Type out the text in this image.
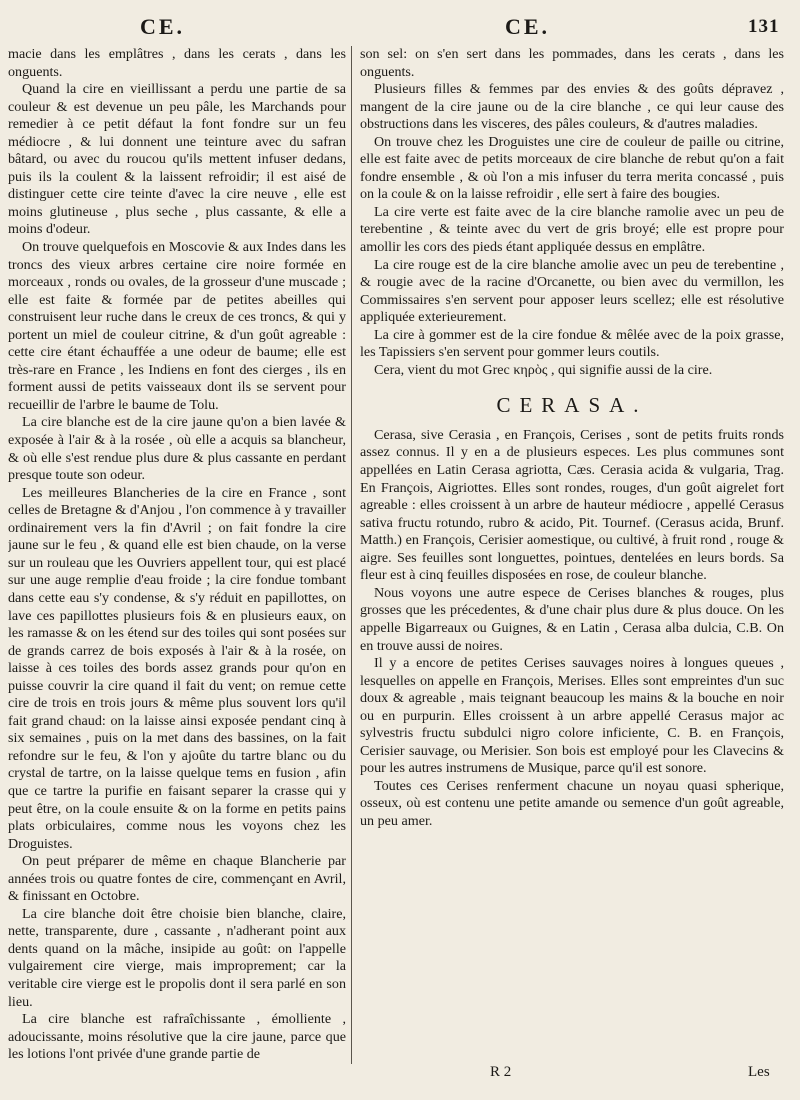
CE.	CE.	131

macie dans les emplâtres , dans les cerats , dans les onguents.

Quand la cire en vieillissant a perdu une partie de sa couleur & est devenue un peu pâle, les Marchands pour remedier à ce petit défaut la font fondre sur un feu médiocre , & lui donnent une teinture avec du safran bâtard, ou avec du roucou qu'ils mettent infuser dedans, puis ils la coulent & la laissent refroidir; il est aisé de distinguer cette cire teinte d'avec la cire neuve , elle est moins glutineuse , plus seche , plus cassante, & elle a moins d'odeur.

On trouve quelquefois en Moscovie & aux Indes dans les troncs des vieux arbres certaine cire noire formée en morceaux , ronds ou ovales, de la grosseur d'une muscade ; elle est faite & formée par de petites abeilles qui construisent leur ruche dans le creux de ces troncs, & qui y portent un miel de couleur citrine, & d'un goût agreable : cette cire étant échauffée a une odeur de baume; elle est très-rare en France , les Indiens en font des cierges , ils en forment aussi de petits vaisseaux dont ils se servent pour recueillir de l'arbre le baume de Tolu.

La cire blanche est de la cire jaune qu'on a bien lavée & exposée à l'air & à la rosée , où elle a acquis sa blancheur, & où elle s'est rendue plus dure & plus cassante en perdant presque toute son odeur.

Les meilleures Blancheries de la cire en France , sont celles de Bretagne & d'Anjou , l'on commence à y travailler ordinairement vers la fin d'Avril ; on fait fondre la cire jaune sur le feu , & quand elle est bien chaude, on la verse sur un rouleau que les Ouvriers appellent tour, qui est placé sur une auge remplie d'eau froide ; la cire fondue tombant dans cette eau s'y condense, & s'y réduit en papillottes, on lave ces papillottes plusieurs fois & en plusieurs eaux, on les ramasse & on les étend sur des toiles qui sont posées sur de grands carrez de bois exposés à l'air & à la rosée, on laisse à ces toiles des bords assez grands pour qu'on en puisse couvrir la cire quand il fait du vent; on remue cette cire de trois en trois jours & même plus souvent lors qu'il fait grand chaud: on la laisse ainsi exposée pendant cinq à six semaines , puis on la met dans des bassines, on la fait refondre sur le feu, & l'on y ajoûte du tartre blanc ou du crystal de tartre, on la laisse quelque tems en fusion , afin que ce tartre la purifie en faisant separer la crasse qui y peut être, on la coule ensuite & on la forme en petits pains plats orbiculaires, comme nous les voyons chez les Droguistes.

On peut préparer de même en chaque Blancherie par années trois ou quatre fontes de cire, commençant en Avril, & finissant en Octobre.

La cire blanche doit être choisie bien blanche, claire, nette, transparente, dure , cassante , n'adherant point aux dents quand on la mâche, insipide au goût: on l'appelle vulgairement cire vierge, mais improprement; car la veritable cire vierge est le propolis dont il sera parlé en son lieu.

La cire blanche est rafraîchissante , émolliente , adoucissante, moins résolutive que la cire jaune, parce que les lotions l'ont privée d'une grande partie de

son sel: on s'en sert dans les pommades, dans les cerats , dans les onguents.

Plusieurs filles & femmes par des envies & des goûts dépravez , mangent de la cire jaune ou de la cire blanche , ce qui leur cause des obstructions dans les visceres, des pâles couleurs, & d'autres maladies.

On trouve chez les Droguistes une cire de couleur de paille ou citrine, elle est faite avec de petits morceaux de cire blanche de rebut qu'on a fait fondre ensemble , & où l'on a mis infuser du terra merita concassé , puis on la coule & on la laisse refroidir , elle sert à faire des bougies.

La cire verte est faite avec de la cire blanche ramolie avec un peu de terebentine , & teinte avec du vert de gris broyé; elle est propre pour amollir les cors des pieds étant appliquée dessus en emplâtre.

La cire rouge est de la cire blanche amolie avec un peu de terebentine , & rougie avec de la racine d'Orcanette, ou bien avec du vermillon, les Commissaires s'en servent pour apposer leurs scellez; elle est résolutive appliquée exterieurement.

La cire à gommer est de la cire fondue & mêlée avec de la poix grasse, les Tapissiers s'en servent pour gommer leurs coutils.

Cera, vient du mot Grec κηρὸς , qui signifie aussi de la cire.

CERASA.

Cerasa, sive Cerasia , en François, Cerises , sont de petits fruits ronds assez connus. Il y en a de plusieurs especes. Les plus communes sont appellées en Latin Cerasa agriotta, Cæs. Cerasia acida & vulgaria, Trag. En François, Aigriottes. Elles sont rondes, rouges, d'un goût aigrelet fort agreable : elles croissent à un arbre de hauteur médiocre , appellé Cerasus sativa fructu rotundo, rubro & acido, Pit. Tournef. (Cerasus acida, Brunf. Matth.) en François, Cerisier aomestique, ou cultivé, à fruit rond , rouge & aigre. Ses feuilles sont longuettes, pointues, dentelées en leurs bords. Sa fleur est à cinq feuilles disposées en rose, de couleur blanche.

Nous voyons une autre espece de Cerises blanches & rouges, plus grosses que les précedentes, & d'une chair plus dure & plus douce. On les appelle Bigarreaux ou Guignes, & en Latin , Cerasa alba dulcia, C.B. On en trouve aussi de noires.

Il y a encore de petites Cerises sauvages noires à longues queues , lesquelles on appelle en François, Merises. Elles sont empreintes d'un suc doux & agreable , mais teignant beaucoup les mains & la bouche en noir ou en purpurin. Elles croissent à un arbre appellé Cerasus major ac sylvestris fructu subdulci nigro colore inficiente, C. B. en François, Cerisier sauvage, ou Merisier. Son bois est employé pour les Clavecins & pour les autres instrumens de Musique, parce qu'il est sonore.

Toutes ces Cerises renferment chacune un noyau quasi spherique, osseux, où est contenu une petite amande ou semence d'un goût agreable, un peu amer.

R 2	Les
